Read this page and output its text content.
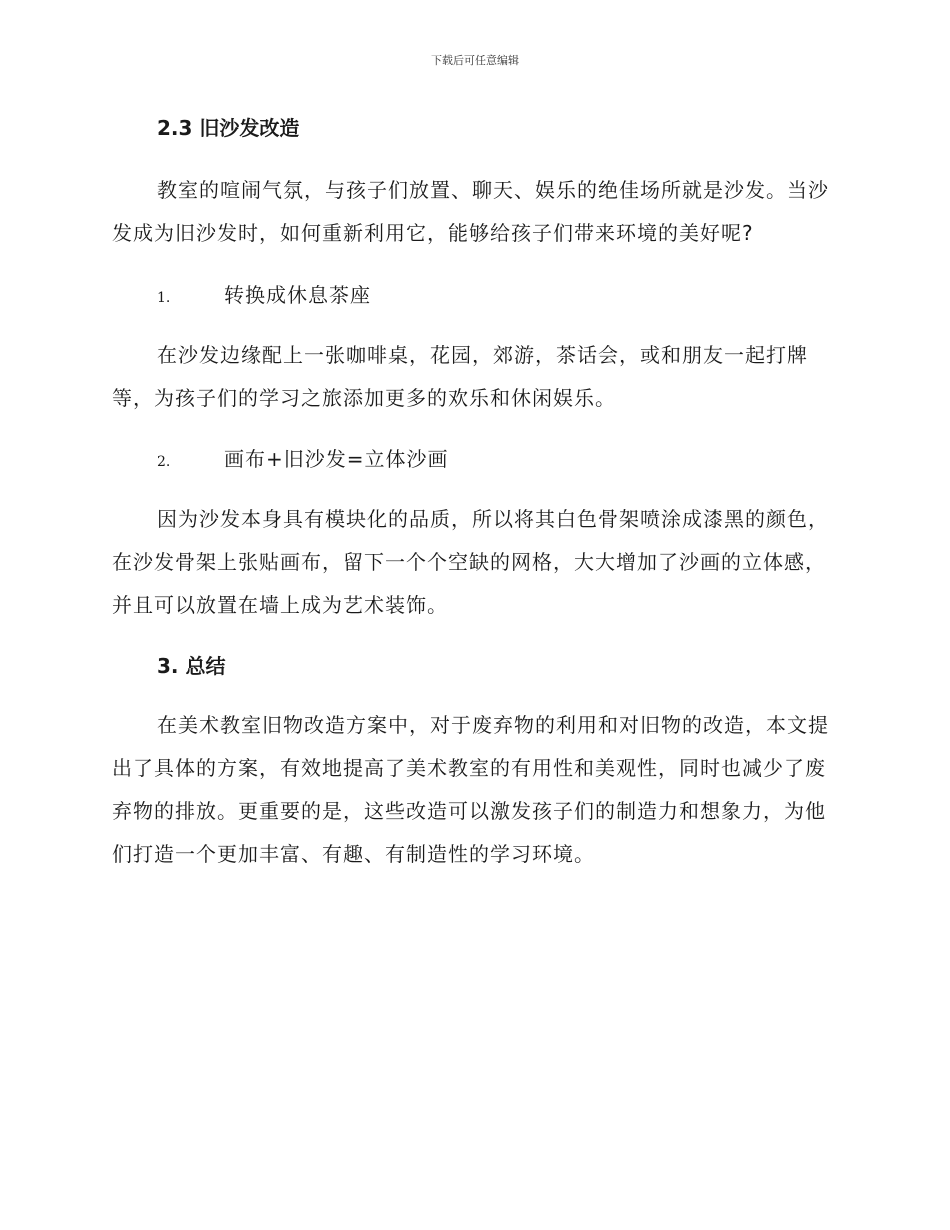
下载后可任意编辑
2.3 旧沙发改造

教室的喧闹气氛，与孩子们放置、聊天、娱乐的绝佳场所就是沙发。当沙发成为旧沙发时，如何重新利用它，能够给孩子们带来环境的美好呢?

1.	转换成休息茶座

在沙发边缘配上一张咖啡桌，花园，郊游，茶话会，或和朋友一起打牌等，为孩子们的学习之旅添加更多的欢乐和休闲娱乐。

2.	画布+旧沙发=立体沙画

因为沙发本身具有模块化的品质，所以将其白色骨架喷涂成漆黑的颜色，在沙发骨架上张贴画布，留下一个个空缺的网格，大大增加了沙画的立体感，并且可以放置在墙上成为艺术装饰。

3. 总结

在美术教室旧物改造方案中，对于废弃物的利用和对旧物的改造，本文提出了具体的方案，有效地提高了美术教室的有用性和美观性，同时也减少了废弃物的排放。更重要的是，这些改造可以激发孩子们的制造力和想象力，为他们打造一个更加丰富、有趣、有制造性的学习环境。
